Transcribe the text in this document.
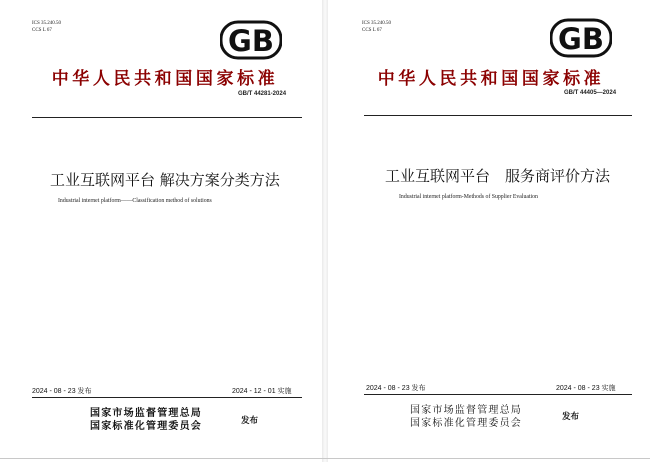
ICS 35.240.50
CCS L 67	GB
中华人民共和国国家标准
GB/T 44281-2024
工业互联网平台 解决方案分类方法
Industrial internet platform——Classification method of solutions
2024 - 08 - 23 发布	2024 - 12 - 01 实施
国家市场监督管理总局
国家标准化管理委员会	发布
ICS 35.240.50
CCS L 67	GB
中华人民共和国国家标准
GB/T 44405—2024
工业互联网平台　服务商评价方法
Industrial internet platform-Methods of Supplier Evaluation
2024 - 08 - 23 发布	2024 - 08 - 23 实施
国家市场监督管理总局
国家标准化管理委员会
发布
